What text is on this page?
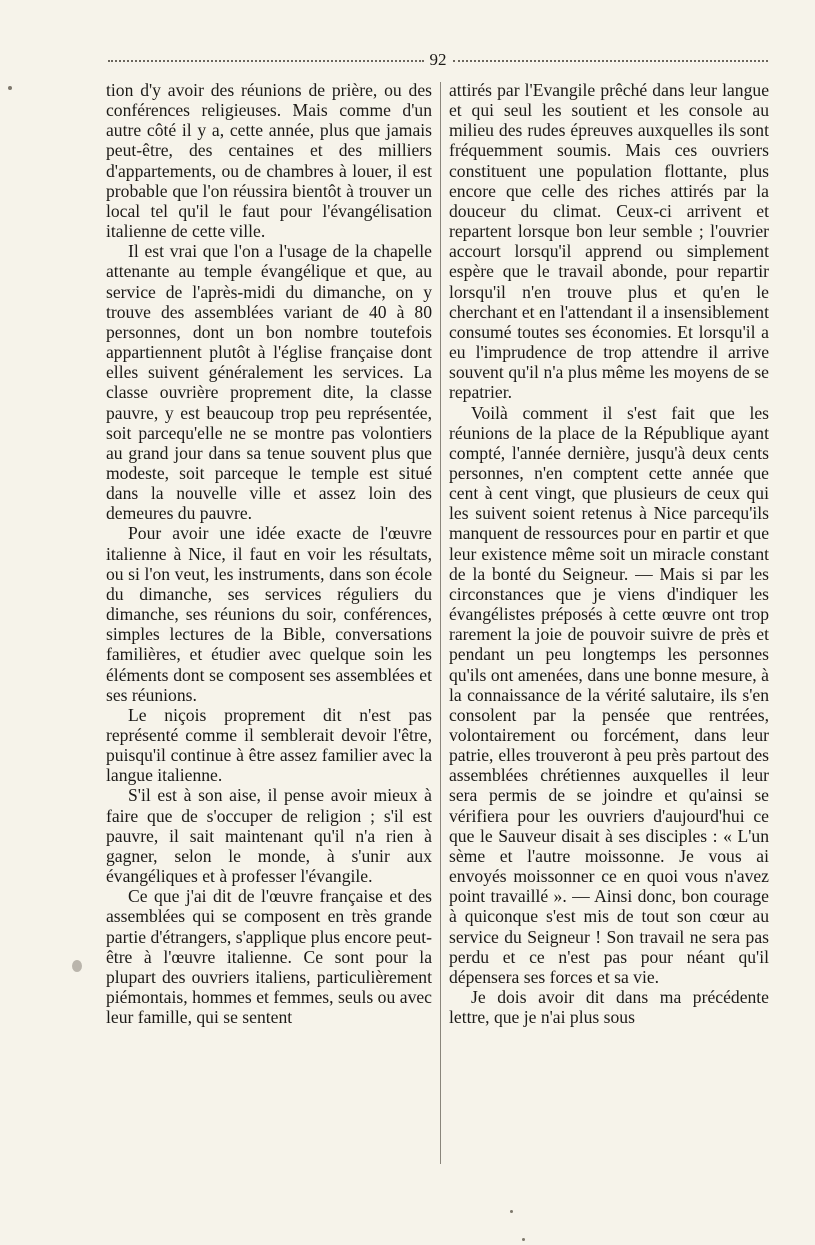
92

tion d'y avoir des réunions de prière, ou des conférences religieuses. Mais comme d'un autre côté il y a, cette année, plus que jamais peut-être, des centaines et des milliers d'appartements, ou de chambres à louer, il est probable que l'on réussira bientôt à trouver un local tel qu'il le faut pour l'évangélisation italienne de cette ville.

Il est vrai que l'on a l'usage de la chapelle attenante au temple évangélique et que, au service de l'après-midi du dimanche, on y trouve des assemblées variant de 40 à 80 personnes, dont un bon nombre toutefois appartiennent plutôt à l'église française dont elles suivent généralement les services. La classe ouvrière proprement dite, la classe pauvre, y est beaucoup trop peu représentée, soit parcequ'elle ne se montre pas volontiers au grand jour dans sa tenue souvent plus que modeste, soit parceque le temple est situé dans la nouvelle ville et assez loin des demeures du pauvre.

Pour avoir une idée exacte de l'œuvre italienne à Nice, il faut en voir les résultats, ou si l'on veut, les instruments, dans son école du dimanche, ses services réguliers du dimanche, ses réunions du soir, conférences, simples lectures de la Bible, conversations familières, et étudier avec quelque soin les éléments dont se composent ses assemblées et ses réunions.

Le niçois proprement dit n'est pas représenté comme il semblerait devoir l'être, puisqu'il continue à être assez familier avec la langue italienne.

S'il est à son aise, il pense avoir mieux à faire que de s'occuper de religion ; s'il est pauvre, il sait maintenant qu'il n'a rien à gagner, selon le monde, à s'unir aux évangéliques et à professer l'évangile.

Ce que j'ai dit de l'œuvre française et des assemblées qui se composent en très grande partie d'étrangers, s'applique plus encore peut-être à l'œuvre italienne. Ce sont pour la plupart des ouvriers italiens, particulièrement piémontais, hommes et femmes, seuls ou avec leur famille, qui se sentent

attirés par l'Evangile prêché dans leur langue et qui seul les soutient et les console au milieu des rudes épreuves auxquelles ils sont fréquemment soumis. Mais ces ouvriers constituent une population flottante, plus encore que celle des riches attirés par la douceur du climat. Ceux-ci arrivent et repartent lorsque bon leur semble ; l'ouvrier accourt lorsqu'il apprend ou simplement espère que le travail abonde, pour repartir lorsqu'il n'en trouve plus et qu'en le cherchant et en l'attendant il a insensiblement consumé toutes ses économies. Et lorsqu'il a eu l'imprudence de trop attendre il arrive souvent qu'il n'a plus même les moyens de se repatrier.

Voilà comment il s'est fait que les réunions de la place de la République ayant compté, l'année dernière, jusqu'à deux cents personnes, n'en comptent cette année que cent à cent vingt, que plusieurs de ceux qui les suivent soient retenus à Nice parcequ'ils manquent de ressources pour en partir et que leur existence même soit un miracle constant de la bonté du Seigneur. — Mais si par les circonstances que je viens d'indiquer les évangélistes préposés à cette œuvre ont trop rarement la joie de pouvoir suivre de près et pendant un peu longtemps les personnes qu'ils ont amenées, dans une bonne mesure, à la connaissance de la vérité salutaire, ils s'en consolent par la pensée que rentrées, volontairement ou forcément, dans leur patrie, elles trouveront à peu près partout des assemblées chrétiennes auxquelles il leur sera permis de se joindre et qu'ainsi se vérifiera pour les ouvriers d'aujourd'hui ce que le Sauveur disait à ses disciples : « L'un sème et l'autre moissonne. Je vous ai envoyés moissonner ce en quoi vous n'avez point travaillé ». — Ainsi donc, bon courage à quiconque s'est mis de tout son cœur au service du Seigneur ! Son travail ne sera pas perdu et ce n'est pas pour néant qu'il dépensera ses forces et sa vie.

Je dois avoir dit dans ma précédente lettre, que je n'ai plus sous
